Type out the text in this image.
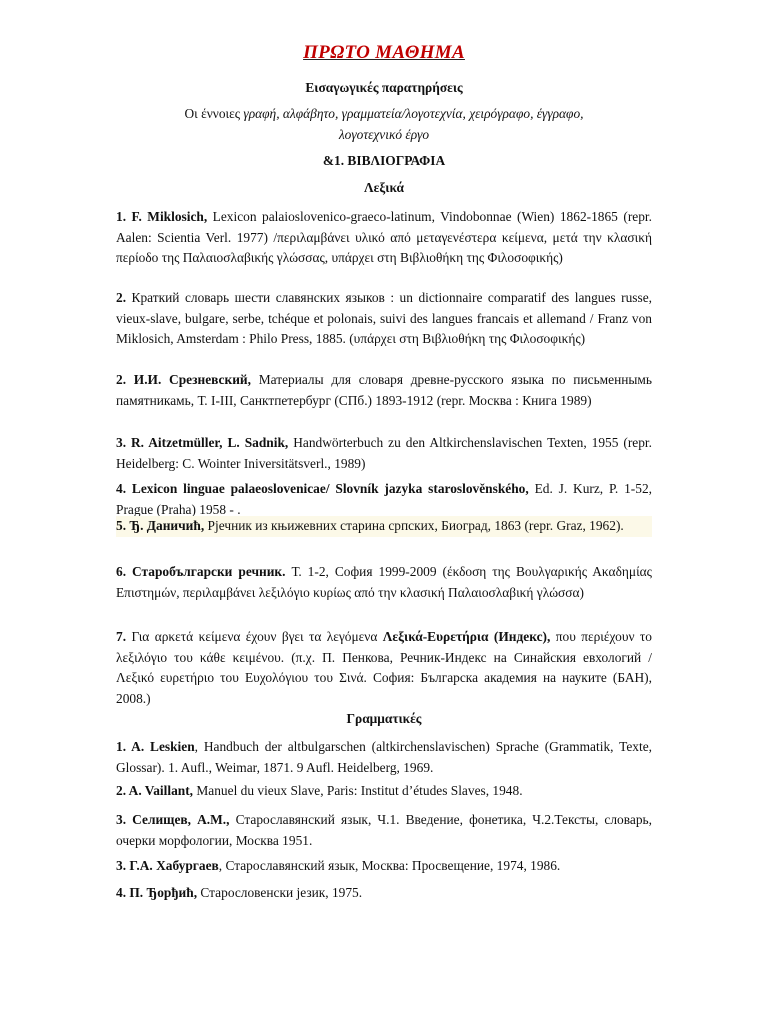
ΠΡΩΤΟ ΜΑΘΗΜΑ
Εισαγωγικές παρατηρήσεις
Οι έννοιες γραφή, αλφάβητο, γραμματεία/λογοτεχνία, χειρόγραφο, έγγραφο,
λογοτεχνικό έργο
&1. ΒΙΒΛΙΟΓΡΑΦΙΑ
Λεξικά
1. F. Miklosich, Lexicon palaioslovenico-graeco-latinum, Vindobonnae (Wien) 1862-1865 (repr. Aalen: Scientia Verl. 1977) /περιλαμβάνει υλικό από μεταγενέστερα κείμενα, μετά την κλασική περίοδο της Παλαιοσλαβικής γλώσσας, υπάρχει στη Βιβλιοθήκη της Φιλοσοφικής)
2. Краткий словарь шести славянских языков : un dictionnaire comparatif des langues russe, vieux-slave, bulgare, serbe, tchéque et polonais, suivi des langues francais et allemand / Franz von Miklosich, Amsterdam : Philo Press, 1885. (υπάρχει στη Βιβλιοθήκη της Φιλοσοφικής)
2. И.И. Срезневский, Материалы для словаря древне-русского языка по письменнымь памятникамь, Т. I-III, Санктпетербург (СПб.) 1893-1912 (repr. Москва : Книга 1989)
3. R. Aitzetmüller, L. Sadnik, Handwörterbuch zu den Altkirchenslavischen Texten, 1955 (repr. Heidelberg: C. Wointer Iniversitätsverl., 1989)
4. Lexicon linguae palaeoslovenicae/ Slovník jazyka staroslověnského, Ed. J. Kurz, P. 1-52, Prague (Praha) 1958 - .
5. Ђ. Даничиħ, Рјечник из књижевних старина српских, Биоград, 1863 (repr. Graz, 1962).
6. Старобългарски речник. Т. 1-2, София 1999-2009 (έκδοση της Βουλγαρικής Ακαδημίας Επιστημών, περιλαμβάνει λεξιλόγιο κυρίως από την κλασική Παλαιοσλαβική γλώσσα)
7. Για αρκετά κείμενα έχουν βγει τα λεγόμενα Λεξικά-Ευρετήρια (Индекс), που περιέχουν το λεξιλόγιο του κάθε κειμένου. (π.χ. П. Пенкова, Речник-Индекс на Синайския евхологий / Λεξικό ευρετήριο του Ευχολόγιου του Σινά. София: Българска академия на науките (БАН), 2008.)
Γραμματικές
1. A. Leskien, Handbuch der altbulgarschen (altkirchenslavischen) Sprache (Grammatik, Texte, Glossar). 1. Aufl., Weimar, 1871. 9 Aufl. Heidelberg, 1969.
2. A. Vaillant, Manuel du vieux Slave, Paris: Institut d’études Slaves, 1948.
3. Селищев, А.М., Старославянский язык, Ч.1. Введение, фонетика, Ч.2.Тексты, словарь, очерки морфологии, Москва 1951.
3. Г.А. Хабургаев, Старославянский язык, Москва: Просвещение, 1974, 1986.
4. П. Ђорђиħ, Старословенски језик, 1975.
